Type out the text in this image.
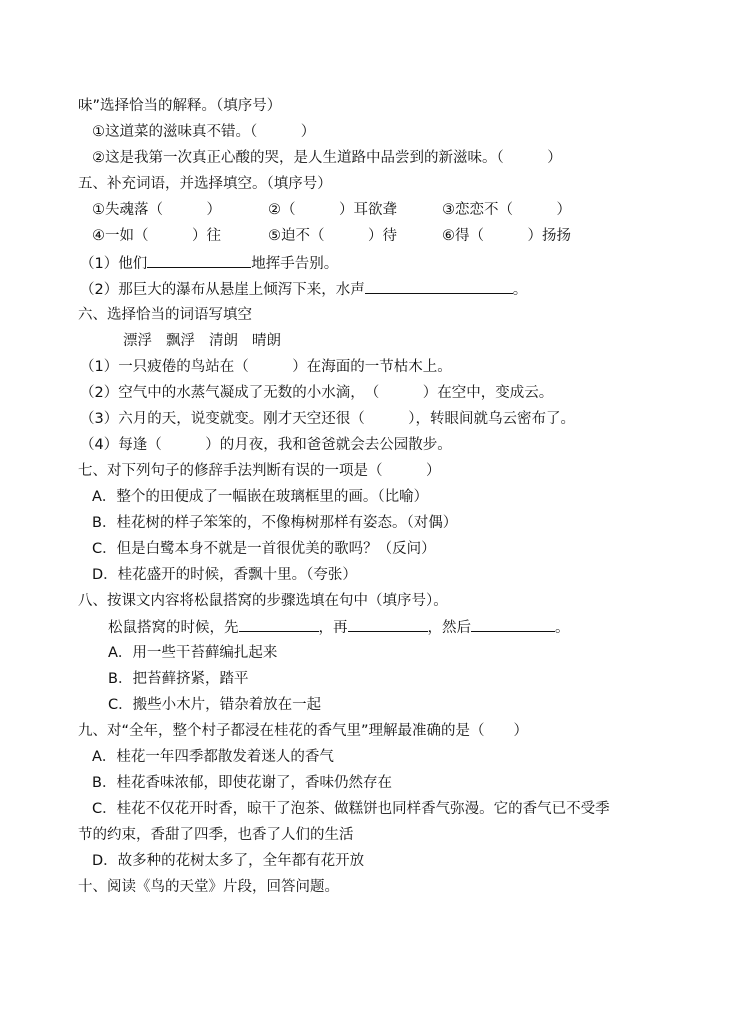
味”选择恰当的解释。（填序号）
①这道菜的滋味真不错。（　　　）
②这是我第一次真正心酸的哭，是人生道路中品尝到的新滋味。（　　　）
五、补充词语，并选择填空。（填序号）
①失魂落（　　　）	②（　　　）耳欲聋	③恋恋不（　　　）
④一如（　　　）往	⑤迫不（　　　）待	⑥得（　　　）扬扬
（1）他们	地挥手告别。
（2）那巨大的瀑布从悬崖上倾泻下来，水声	。
六、选择恰当的词语写填空
漂浮 飘浮 清朗 晴朗
（1）一只疲倦的鸟站在（　　　）在海面的一节枯木上。
（2）空气中的水蒸气凝成了无数的小水滴，　（　　　）在空中，变成云。
（3）六月的天，说变就变。刚才天空还很（　　　），转眼间就乌云密布了。
（4）每逢（　　　）的月夜，我和爸爸就会去公园散步。
七、对下列句子的修辞手法判断有误的一项是（　　　）
A．整个的田便成了一幅嵌在玻璃框里的画。（比喻）
B．桂花树的样子笨笨的，不像梅树那样有姿态。（对偶）
C．但是白鹭本身不就是一首很优美的歌吗？（反问）
D．桂花盛开的时候，香飘十里。（夸张）
八、按课文内容将松鼠搭窝的步骤选填在句中（填序号）。
松鼠搭窝的时候，先	，再	，然后	。
A．用一些干苔藓编扎起来
B．把苔藓挤紧，踏平
C．搬些小木片，错杂着放在一起
九、对“全年，整个村子都浸在桂花的香气里”理解最准确的是（　　）
A．桂花一年四季都散发着迷人的香气
B．桂花香味浓郁，即使花谢了，香味仍然存在
C．桂花不仅花开时香，晾干了泡茶、做糕饼也同样香气弥漫。它的香气已不受季
节的约束，香甜了四季，也香了人们的生活
D．故多种的花树太多了，全年都有花开放
十、阅读《鸟的天堂》片段，回答问题。
